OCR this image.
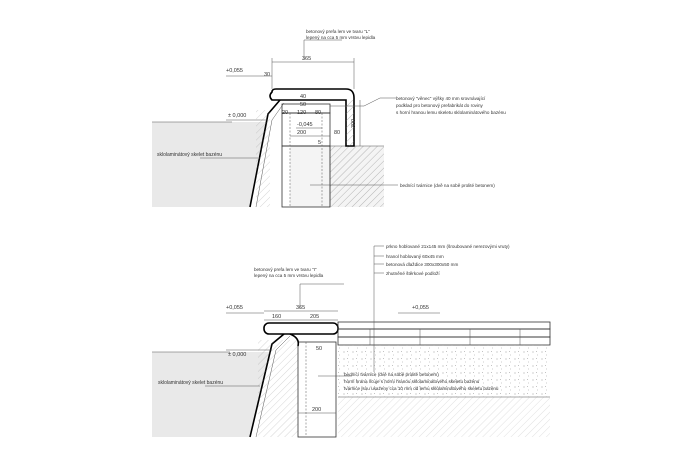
365
30
40
50
20 120 80
200	80
300
5
+0,055
± 0,000
-0,045
betonový prefa lem ve tvaru "L"
lepený na cca 5 mm vrstvu lepidla
betonový "věnec" výšky 40 mm srovnávající
podklad pro betonový prefabrikát do roviny
s horní hranou lemu skeletu sklolaminátového bazénu
bednící tvárnice (dvě na sobě prolité betonem)
sklolaminátový skelet bazénu
365
160	205
50
200
+0,055
± 0,000
+0,055
betonový prefa lem ve tvaru "I"
lepený na cca 5 mm vrstvu lepidla
prkno hoblované 21x145 mm (šroubované nerezovými vruty)
hranol hoblovaný 60x45 mm
betonová dlaždice 300x300x50 mm
zhutněné štěrkové podloží
bednící tvárnice (dvě na sobě prolité betonem)
horní hrana lícuje s horní hranou sklolaminátového skeletu bazénu
tvárnice jsou usazeny cca 10 mm od lemu sklolaminátového skeletu bazénu
sklolaminátový skelet bazénu
